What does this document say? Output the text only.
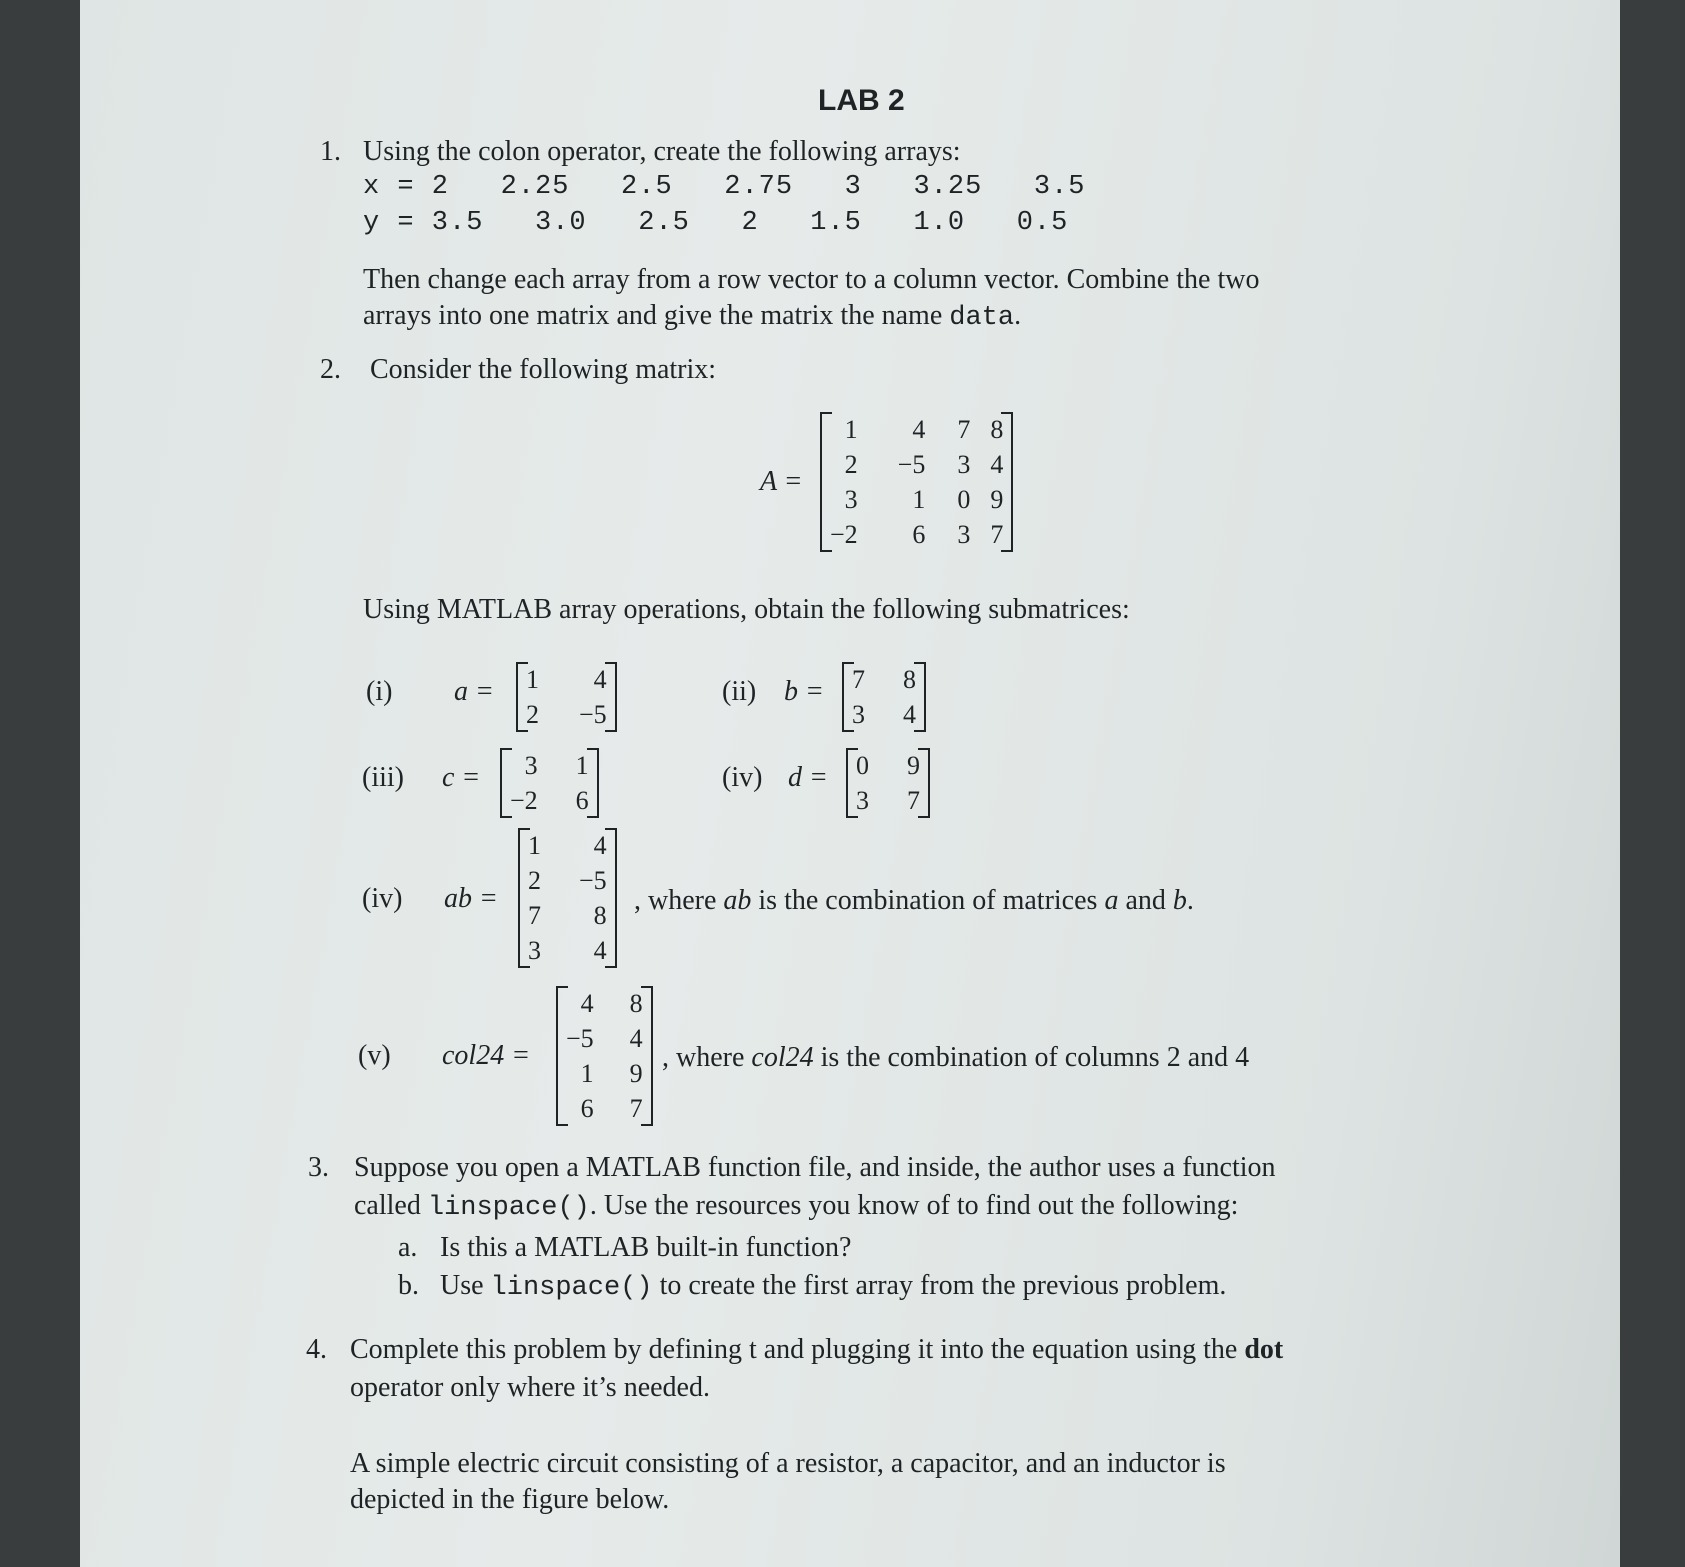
LAB 2
1. Using the colon operator, create the following arrays:
x = 2   2.25   2.5   2.75   3   3.25   3.5
y = 3.5   3.0   2.5   2   1.5   1.0   0.5
Then change each array from a row vector to a column vector. Combine the two
arrays into one matrix and give the matrix the name data.
2. Consider the following matrix:
A =
1	4	7	8
2	−5	3	4
3	1	0	9
−2	6	3	7
Using MATLAB array operations, obtain the following submatrices:
(i) a = 1	4
2	−5
(ii) b = 7	8
3	4
(iii) c = 3	1
−2	6
(iv) d = 0	9
3	7
(iv) ab =
1	4
2	−5
7	8
3	4
, where ab is the combination of matrices a and b.
(v) col24 =
4	8
−5	4
1	9
6	7
, where col24 is the combination of columns 2 and 4
3. Suppose you open a MATLAB function file, and inside, the author uses a function
called linspace(). Use the resources you know of to find out the following:
a. Is this a MATLAB built-in function?
b. Use linspace() to create the first array from the previous problem.
4. Complete this problem by defining t and plugging it into the equation using the dot
operator only where it’s needed.
A simple electric circuit consisting of a resistor, a capacitor, and an inductor is
depicted in the figure below.
